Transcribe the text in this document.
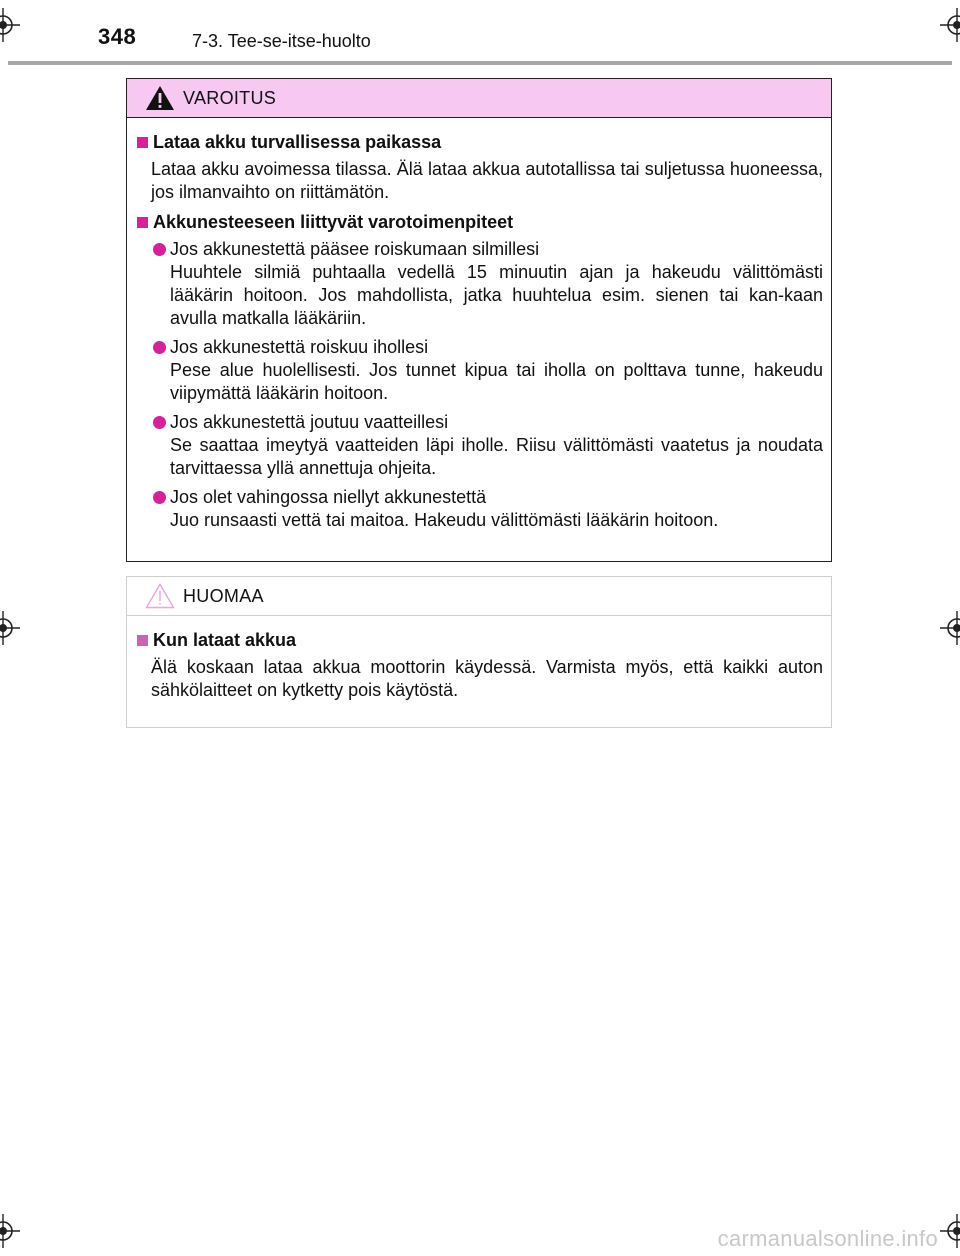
348	7-3. Tee-se-itse-huolto
VAROITUS
Lataa akku turvallisessa paikassa
Lataa akku avoimessa tilassa. Älä lataa akkua autotallissa tai suljetussa huoneessa, jos ilmanvaihto on riittämätön.
Akkunesteeseen liittyvät varotoimenpiteet
Jos akkunestettä pääsee roiskumaan silmillesi
Huuhtele silmiä puhtaalla vedellä 15 minuutin ajan ja hakeudu välittömästi lääkärin hoitoon. Jos mahdollista, jatka huuhtelua esim. sienen tai kan-kaan avulla matkalla lääkäriin.
Jos akkunestettä roiskuu ihollesi
Pese alue huolellisesti. Jos tunnet kipua tai iholla on polttava tunne, hakeudu viipymättä lääkärin hoitoon.
Jos akkunestettä joutuu vaatteillesi
Se saattaa imeytyä vaatteiden läpi iholle. Riisu välittömästi vaatetus ja noudata tarvittaessa yllä annettuja ohjeita.
Jos olet vahingossa niellyt akkunestettä
Juo runsaasti vettä tai maitoa. Hakeudu välittömästi lääkärin hoitoon.
HUOMAA
Kun lataat akkua
Älä koskaan lataa akkua moottorin käydessä. Varmista myös, että kaikki auton sähkölaitteet on kytketty pois käytöstä.
carmanualsonline.info
